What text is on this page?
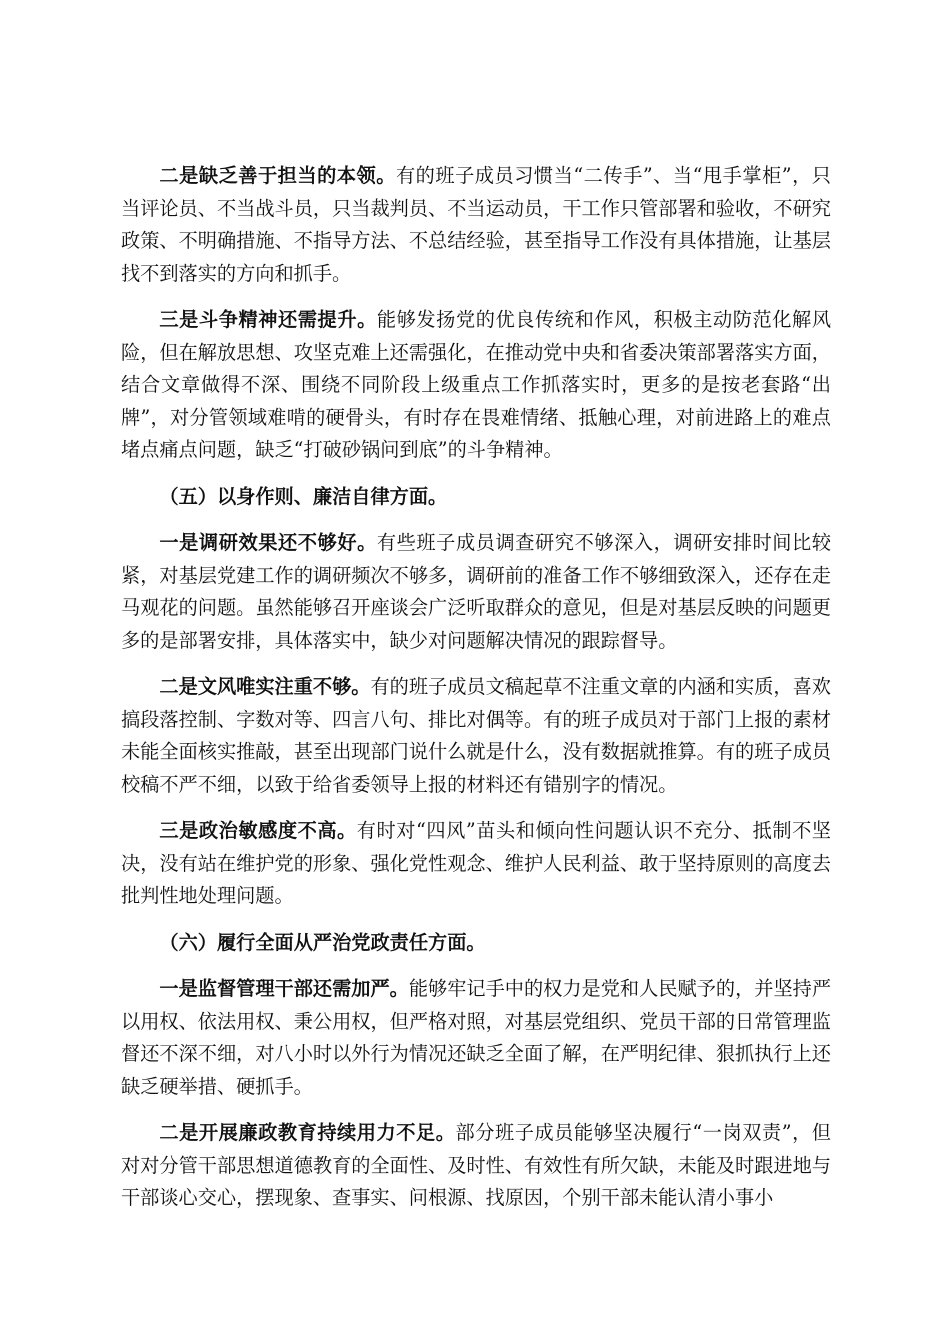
二是缺乏善于担当的本领。有的班子成员习惯当“二传手”、当“甩手掌柜”，只当评论员、不当战斗员，只当裁判员、不当运动员，干工作只管部署和验收，不研究政策、不明确措施、不指导方法、不总结经验，甚至指导工作没有具体措施，让基层找不到落实的方向和抓手。

三是斗争精神还需提升。能够发扬党的优良传统和作风，积极主动防范化解风险，但在解放思想、攻坚克难上还需强化，在推动党中央和省委决策部署落实方面，结合文章做得不深、围绕不同阶段上级重点工作抓落实时，更多的是按老套路“出牌”，对分管领域难啃的硬骨头，有时存在畏难情绪、抵触心理，对前进路上的难点堵点痛点问题，缺乏“打破砂锅问到底”的斗争精神。

（五）以身作则、廉洁自律方面。

一是调研效果还不够好。有些班子成员调查研究不够深入，调研安排时间比较紧，对基层党建工作的调研频次不够多，调研前的准备工作不够细致深入，还存在走马观花的问题。虽然能够召开座谈会广泛听取群众的意见，但是对基层反映的问题更多的是部署安排，具体落实中，缺少对问题解决情况的跟踪督导。

二是文风唯实注重不够。有的班子成员文稿起草不注重文章的内涵和实质，喜欢搞段落控制、字数对等、四言八句、排比对偶等。有的班子成员对于部门上报的素材未能全面核实推敲，甚至出现部门说什么就是什么，没有数据就推算。有的班子成员校稿不严不细，以致于给省委领导上报的材料还有错别字的情况。

三是政治敏感度不高。有时对“四风”苗头和倾向性问题认识不充分、抵制不坚决，没有站在维护党的形象、强化党性观念、维护人民利益、敢于坚持原则的高度去批判性地处理问题。

（六）履行全面从严治党政责任方面。

一是监督管理干部还需加严。能够牢记手中的权力是党和人民赋予的，并坚持严以用权、依法用权、秉公用权，但严格对照，对基层党组织、党员干部的日常管理监督还不深不细，对八小时以外行为情况还缺乏全面了解，在严明纪律、狠抓执行上还缺乏硬举措、硬抓手。

二是开展廉政教育持续用力不足。部分班子成员能够坚决履行“一岗双责”，但对对分管干部思想道德教育的全面性、及时性、有效性有所欠缺，未能及时跟进地与干部谈心交心，摆现象、查事实、问根源、找原因，个别干部未能认清小事小
